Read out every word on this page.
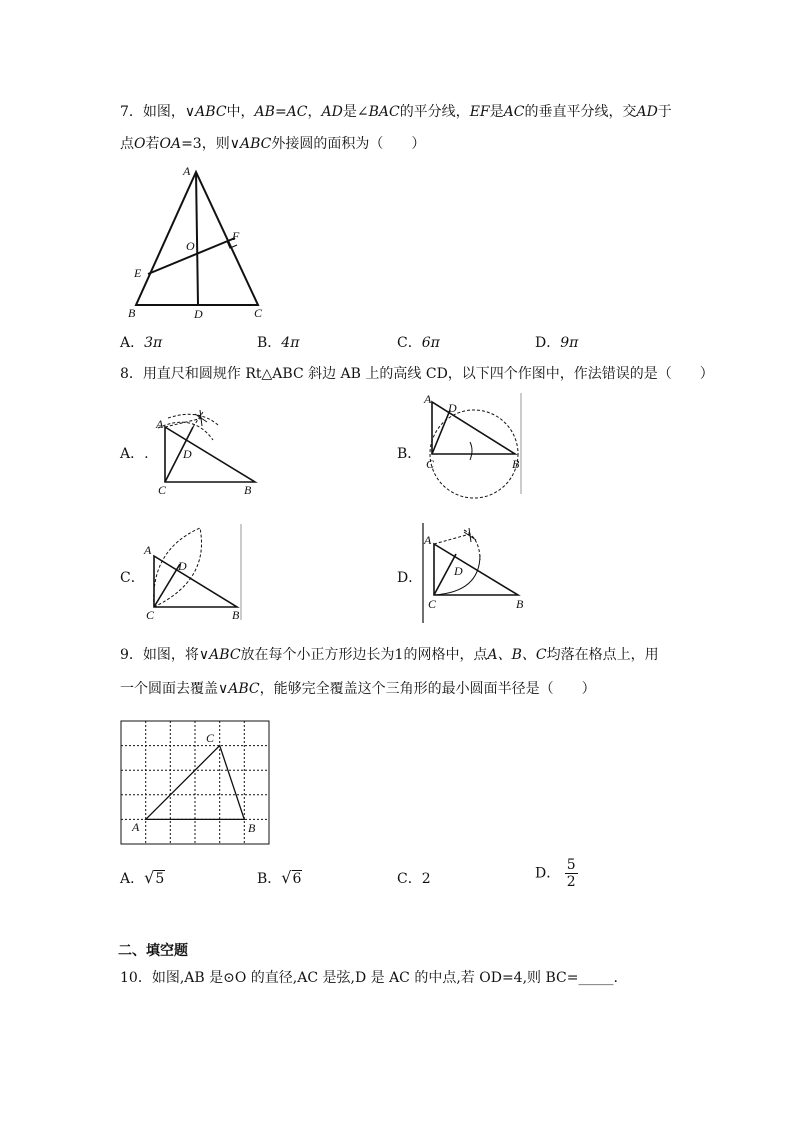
7．如图，∨ABC中，AB=AC，AD是∠BAC的平分线，EF是AC的垂直平分线，交AD于
点O若OA=3，则∨ABC外接圆的面积为（　　）
A
B	C
D
E
F
O
A．3π	B．4π	C．6π	D．9π
8．用直尺和圆规作 Rt△ABC 斜边 AB 上的高线 CD，以下四个作图中，作法错误的是（　　）
A．.
A
D
C	B
B．
A
D
C	B
C．
A
D
C	B
D．
A
D
C	B
9．如图，将∨ABC放在每个小正方形边长为1的网格中，点A、B、C均落在格点上，用
一个圆面去覆盖∨ABC，能够完全覆盖这个三角形的最小圆面半径是（　　）
A
C
B
A．√5	B．√6	C．2	D． $\frac{5}{2}$
二、填空题
10．如图,AB 是⊙O 的直径,AC 是弦,D 是 AC 的中点,若 OD=4,则 BC=_____.
